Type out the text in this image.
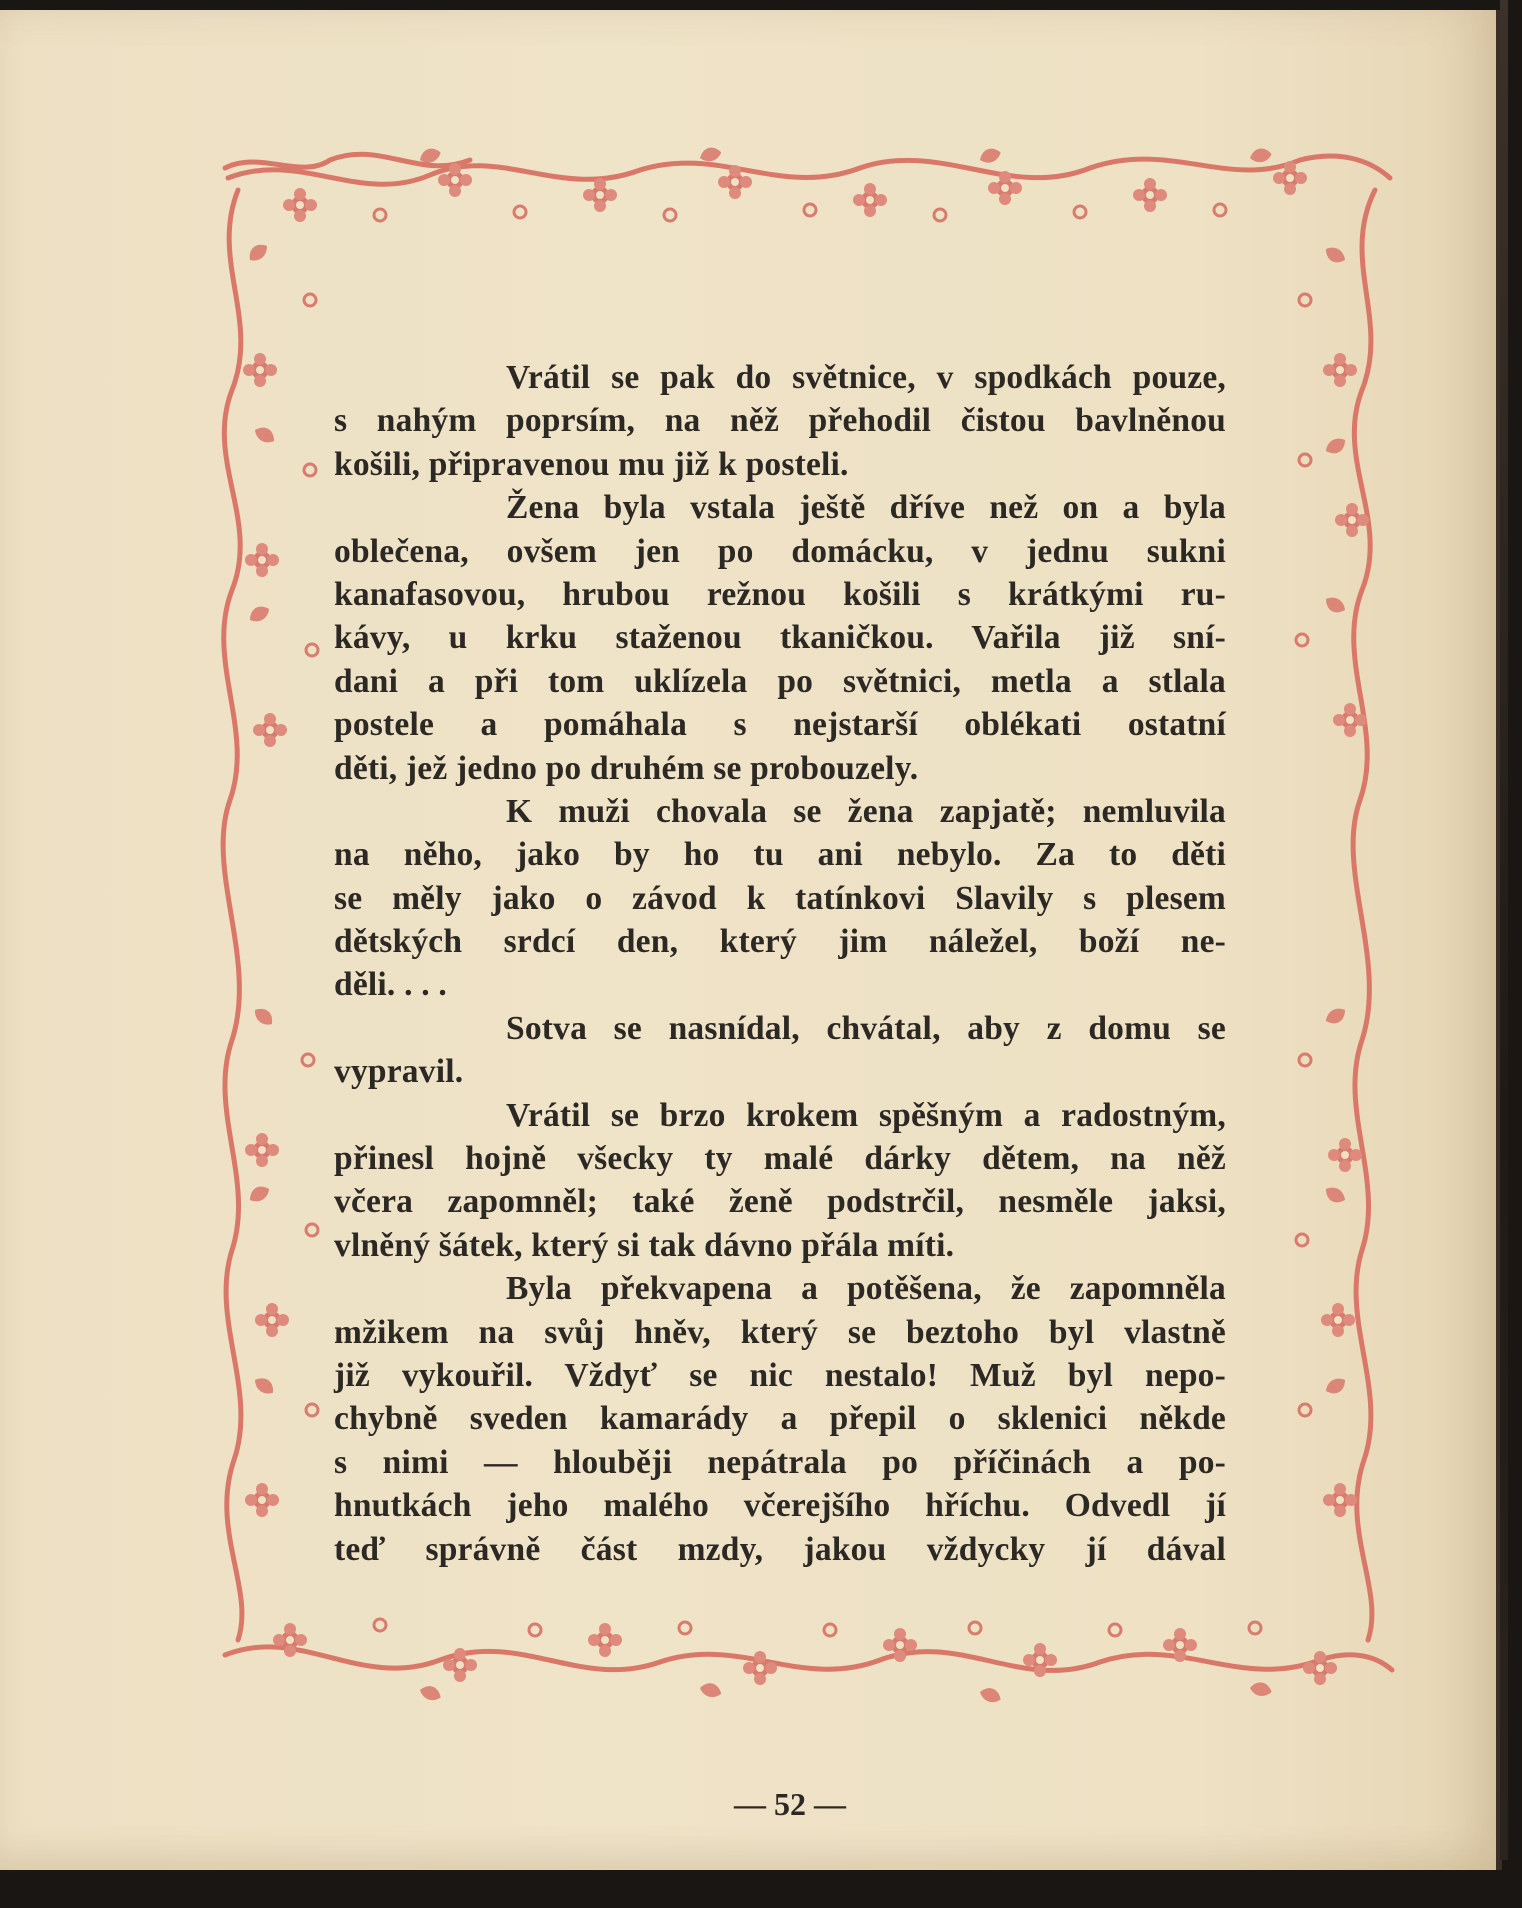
Vrátil se pak do světnice, v spodkách pouze,
s nahým poprsím, na něž přehodil čistou bavlněnou
košili, připravenou mu již k posteli.
Žena byla vstala ještě dříve než on a byla
oblečena, ovšem jen po domácku, v jednu sukni
kanafasovou, hrubou režnou košili s krátkými ru-
kávy, u krku staženou tkaničkou. Vařila již sní-
dani a při tom uklízela po světnici, metla a stlala
postele a pomáhala s nejstarší oblékati ostatní
děti, jež jedno po druhém se probouzely.
K muži chovala se žena zapjatě; nemluvila
na něho, jako by ho tu ani nebylo. Za to děti
se měly jako o závod k tatínkovi Slavily s plesem
dětských srdcí den, který jim náležel, boží ne-
děli. . . .
Sotva se nasnídal, chvátal, aby z domu se
vypravil.
Vrátil se brzo krokem spěšným a radostným,
přinesl hojně všecky ty malé dárky dětem, na něž
včera zapomněl; také ženě podstrčil, nesměle jaksi,
vlněný šátek, který si tak dávno přála míti.
Byla překvapena a potěšena, že zapomněla
mžikem na svůj hněv, který se beztoho byl vlastně
již vykouřil. Vždyť se nic nestalo! Muž byl nepo-
chybně sveden kamarády a přepil o sklenici někde
s nimi — hlouběji nepátrala po příčinách a po-
hnutkách jeho malého včerejšího hříchu. Odvedl jí
teď správně část mzdy, jakou vždycky jí dával
— 52 —
